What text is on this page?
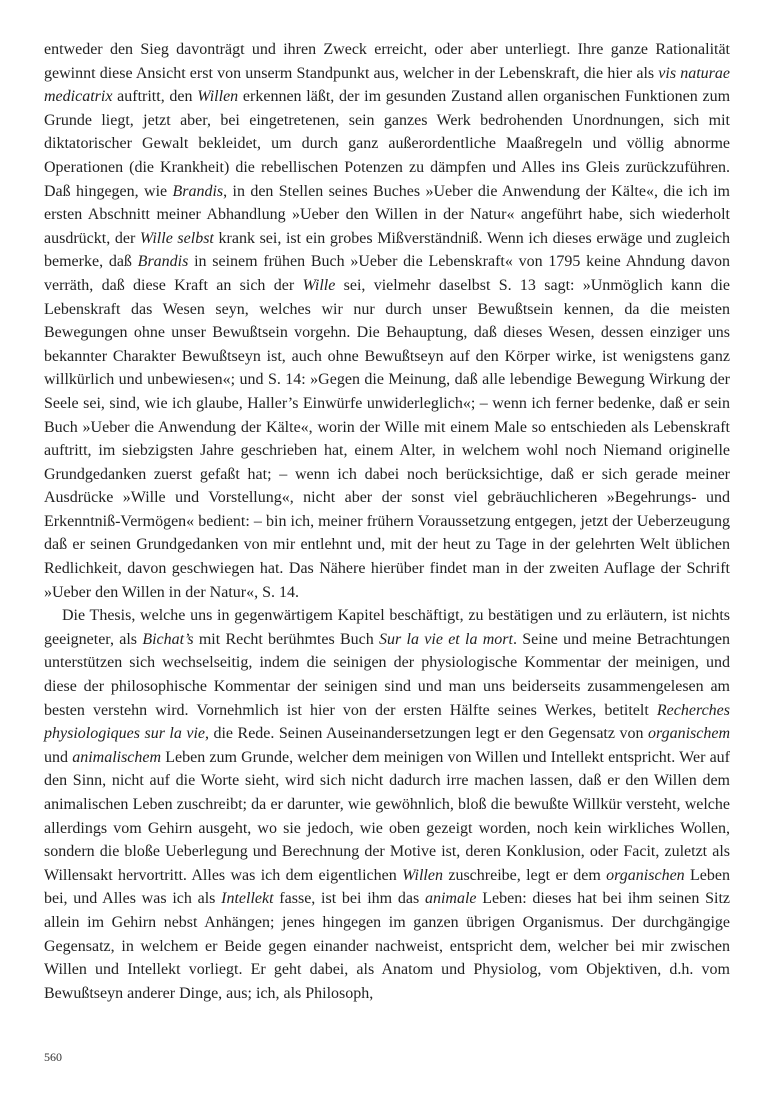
entweder den Sieg davonträgt und ihren Zweck erreicht, oder aber unterliegt. Ihre ganze Rationalität gewinnt diese Ansicht erst von unserm Standpunkt aus, welcher in der Lebenskraft, die hier als vis naturae medicatrix auftritt, den Willen erkennen läßt, der im gesunden Zustand allen organischen Funktionen zum Grunde liegt, jetzt aber, bei eingetretenen, sein ganzes Werk bedrohenden Unordnungen, sich mit diktatorischer Gewalt bekleidet, um durch ganz außerordentliche Maaßregeln und völlig abnorme Operationen (die Krankheit) die rebellischen Potenzen zu dämpfen und Alles ins Gleis zurückzuführen. Daß hingegen, wie Brandis, in den Stellen seines Buches »Ueber die Anwendung der Kälte«, die ich im ersten Abschnitt meiner Abhandlung »Ueber den Willen in der Natur« angeführt habe, sich wiederholt ausdrückt, der Wille selbst krank sei, ist ein grobes Mißverständniß. Wenn ich dieses erwäge und zugleich bemerke, daß Brandis in seinem frühen Buch »Ueber die Lebenskraft« von 1795 keine Ahndung davon verräth, daß diese Kraft an sich der Wille sei, vielmehr daselbst S. 13 sagt: »Unmöglich kann die Lebenskraft das Wesen seyn, welches wir nur durch unser Bewußtsein kennen, da die meisten Bewegungen ohne unser Bewußtsein vorgehn. Die Behauptung, daß dieses Wesen, dessen einziger uns bekannter Charakter Bewußtseyn ist, auch ohne Bewußtseyn auf den Körper wirke, ist wenigstens ganz willkürlich und unbewiesen«; und S. 14: »Gegen die Meinung, daß alle lebendige Bewegung Wirkung der Seele sei, sind, wie ich glaube, Haller’s Einwürfe unwiderleglich«; – wenn ich ferner bedenke, daß er sein Buch »Ueber die Anwendung der Kälte«, worin der Wille mit einem Male so entschieden als Lebenskraft auftritt, im siebzigsten Jahre geschrieben hat, einem Alter, in welchem wohl noch Niemand originelle Grundgedanken zuerst gefaßt hat; – wenn ich dabei noch berücksichtige, daß er sich gerade meiner Ausdrücke »Wille und Vorstellung«, nicht aber der sonst viel gebräuchlicheren »Begehrungs- und Erkenntniß-Vermögen« bedient: – bin ich, meiner frühern Voraussetzung entgegen, jetzt der Ueberzeugung daß er seinen Grundgedanken von mir entlehnt und, mit der heut zu Tage in der gelehrten Welt üblichen Redlichkeit, davon geschwiegen hat. Das Nähere hierüber findet man in der zweiten Auflage der Schrift »Ueber den Willen in der Natur«, S. 14.

Die Thesis, welche uns in gegenwärtigem Kapitel beschäftigt, zu bestätigen und zu erläutern, ist nichts geeigneter, als Bichat’s mit Recht berühmtes Buch Sur la vie et la mort. Seine und meine Betrachtungen unterstützen sich wechselseitig, indem die seinigen der physiologische Kommentar der meinigen, und diese der philosophische Kommentar der seinigen sind und man uns beiderseits zusammengelesen am besten verstehn wird. Vornehmlich ist hier von der ersten Hälfte seines Werkes, betitelt Recherches physiologiques sur la vie, die Rede. Seinen Auseinandersetzungen legt er den Gegensatz von organischem und animalischem Leben zum Grunde, welcher dem meinigen von Willen und Intellekt entspricht. Wer auf den Sinn, nicht auf die Worte sieht, wird sich nicht dadurch irre machen lassen, daß er den Willen dem animalischen Leben zuschreibt; da er darunter, wie gewöhnlich, bloß die bewußte Willkür versteht, welche allerdings vom Gehirn ausgeht, wo sie jedoch, wie oben gezeigt worden, noch kein wirkliches Wollen, sondern die bloße Ueberlegung und Berechnung der Motive ist, deren Konklusion, oder Facit, zuletzt als Willensakt hervortritt. Alles was ich dem eigentlichen Willen zuschreibe, legt er dem organischen Leben bei, und Alles was ich als Intellekt fasse, ist bei ihm das animale Leben: dieses hat bei ihm seinen Sitz allein im Gehirn nebst Anhängen; jenes hingegen im ganzen übrigen Organismus. Der durchgängige Gegensatz, in welchem er Beide gegen einander nachweist, entspricht dem, welcher bei mir zwischen Willen und Intellekt vorliegt. Er geht dabei, als Anatom und Physiolog, vom Objektiven, d.h. vom Bewußtseyn anderer Dinge, aus; ich, als Philosoph,

560
